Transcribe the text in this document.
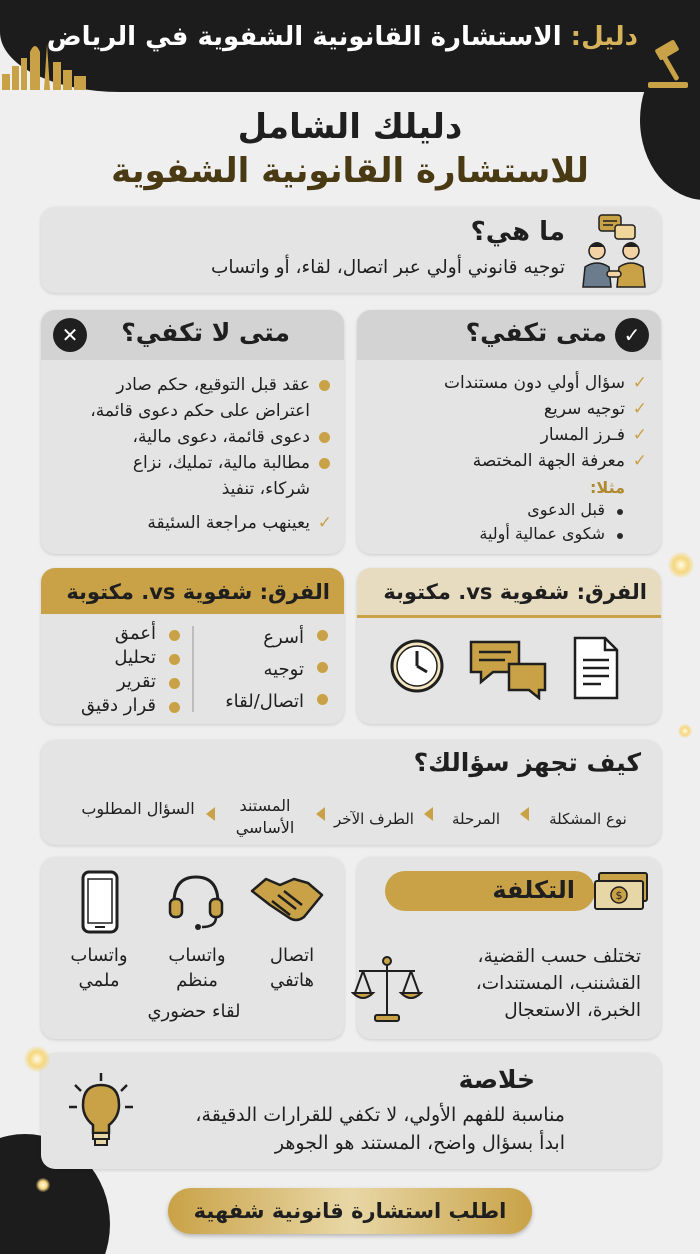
دليل: الاستشارة القانونية الشفوية في الرياض
دليلك الشامل
للاستشارة القانونية الشفوية
ما هي؟
توجيه قانوني أولي عبر اتصال، لقاء، أو واتساب
✓
متى تكفي؟
✓ سؤال أولي دون مستندات
✓ توجيه سريع
✓ فـرز المسار
✓ معرفة الجهة المختصة
مثلا:
قبل الدعوى
شكوى عمالية أولية
✕	متى لا تكفي؟
عقد قبل التوقيع، حكم صادر
اعتراض على حكم دعوى قائمة،
دعوى قائمة، دعوى مالية،
مطالبة مالية، تمليك، نزاع
شركاء، تنفيذ
✓ يعينهب مراجعة السئيقة
الفرق: شفوية vs. مكتوبة
الفرق: شفوية vs. مكتوبة
أسرع
توجيه
اتصال/لقاء
أعمق
تحليل
تقرير
قرار دقيق
كيف تجهز سؤالك؟
نوع المشكلة
المرحلة
الطرف الآخر
المستند الأساسي
السؤال المطلوب
التكلفة	$
تختلف حسب القضية،
القشننب، المستندات،
الخبرة، الاستعجال
اتصال هاتفي
واتساب منظم
واتساب ملمي
لقاء حضوري
خلاصة
مناسبة للفهم الأولي، لا تكفي للقرارات الدقيقة،
ابدأ بسؤال واضح، المستند هو الجوهر
اطلب استشارة قانونية شفهية
